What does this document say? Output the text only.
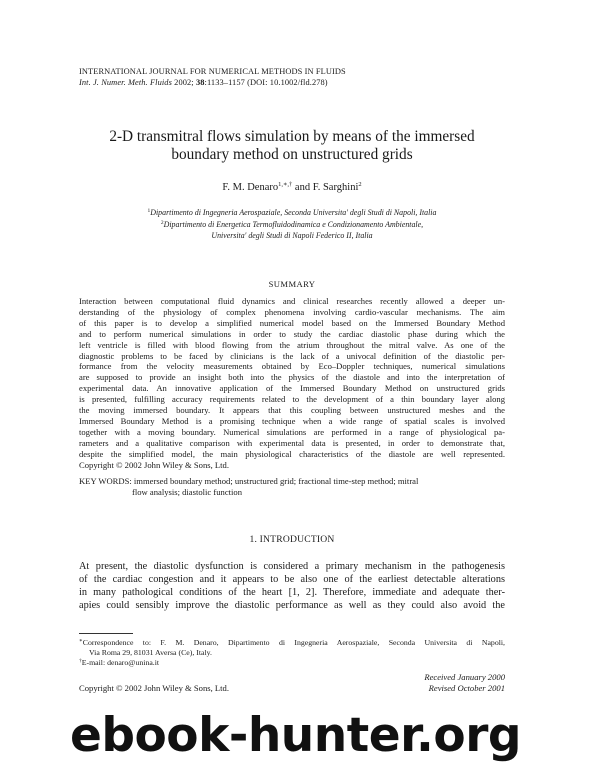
INTERNATIONAL JOURNAL FOR NUMERICAL METHODS IN FLUIDS
Int. J. Numer. Meth. Fluids 2002; 38:1133–1157 (DOI: 10.1002/fld.278)
2-D transmitral flows simulation by means of the immersed
boundary method on unstructured grids
F. M. Denaro$^{1,∗,\dagger}$ and F. Sarghini$^2$
$^1$Dipartimento di Ingegneria Aerospaziale, Seconda Universita' degli Studi di Napoli, Italia
$^2$Dipartimento di Energetica Termofluidodinamica e Condizionamento Ambientale,
Universita' degli Studi di Napoli Federico II, Italia
SUMMARY
Interaction between computational fluid dynamics and clinical researches recently allowed a deeper un-
derstanding of the physiology of complex phenomena involving cardio-vascular mechanisms. The aim
of this paper is to develop a simplified numerical model based on the Immersed Boundary Method
and to perform numerical simulations in order to study the cardiac diastolic phase during which the
left ventricle is filled with blood flowing from the atrium throughout the mitral valve. As one of the
diagnostic problems to be faced by clinicians is the lack of a univocal definition of the diastolic per-
formance from the velocity measurements obtained by Eco–Doppler techniques, numerical simulations
are supposed to provide an insight both into the physics of the diastole and into the interpretation of
experimental data. An innovative application of the Immersed Boundary Method on unstructured grids
is presented, fulfilling accuracy requirements related to the development of a thin boundary layer along
the moving immersed boundary. It appears that this coupling between unstructured meshes and the
Immersed Boundary Method is a promising technique when a wide range of spatial scales is involved
together with a moving boundary. Numerical simulations are performed in a range of physiological pa-
rameters and a qualitative comparison with experimental data is presented, in order to demonstrate that,
despite the simplified model, the main physiological characteristics of the diastole are well represented.
Copyright © 2002 John Wiley & Sons, Ltd.
KEY WORDS: immersed boundary method; unstructured grid; fractional time-step method; mitral
flow analysis; diastolic function
1. INTRODUCTION
At present, the diastolic dysfunction is considered a primary mechanism in the pathogenesis
of the cardiac congestion and it appears to be also one of the earliest detectable alterations
in many pathological conditions of the heart [1, 2]. Therefore, immediate and adequate ther-
apies could sensibly improve the diastolic performance as well as they could also avoid the
∗Correspondence to: F. M. Denaro, Dipartimento di Ingegneria Aerospaziale, Seconda Universita di Napoli,
Via Roma 29, 81031 Aversa (Ce), Italy.
†E-mail: denaro@unina.it
Received January 2000
Revised October 2001
Copyright © 2002 John Wiley & Sons, Ltd.
ebook-hunter.org
